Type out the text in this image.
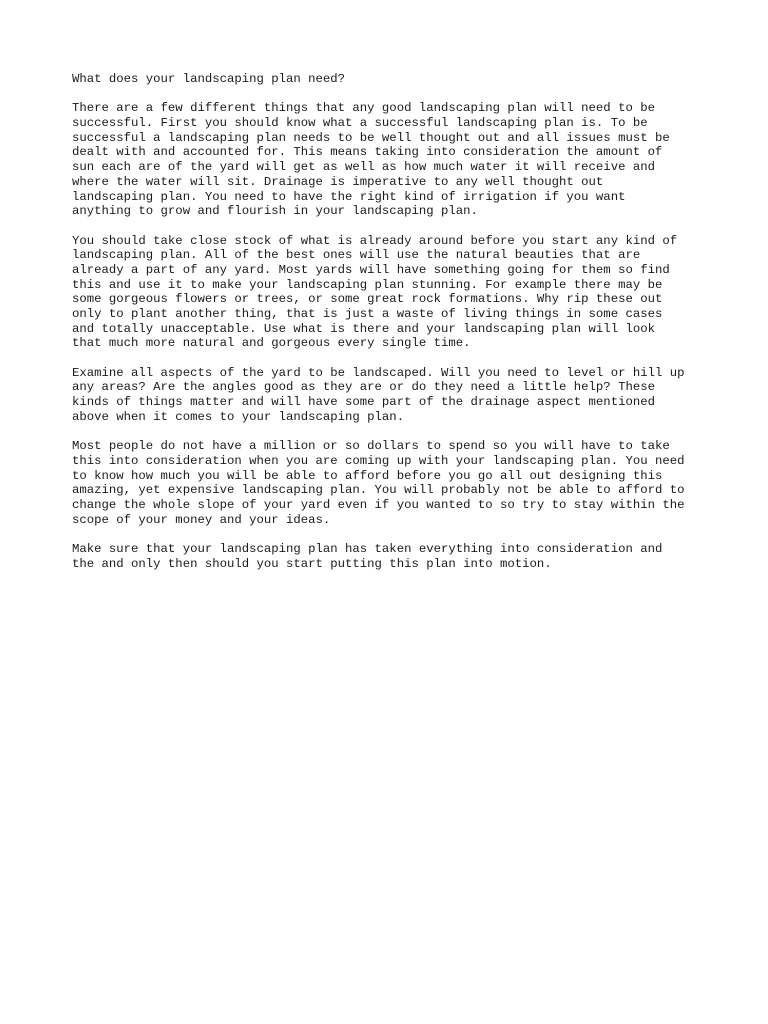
What does your landscaping plan need?
There are a few different things that any good landscaping plan will need to be
successful. First you should know what a successful landscaping plan is. To be
successful a landscaping plan needs to be well thought out and all issues must be
dealt with and accounted for. This means taking into consideration the amount of
sun each are of the yard will get as well as how much water it will receive and
where the water will sit. Drainage is imperative to any well thought out
landscaping plan. You need to have the right kind of irrigation if you want
anything to grow and flourish in your landscaping plan.
You should take close stock of what is already around before you start any kind of
landscaping plan. All of the best ones will use the natural beauties that are
already a part of any yard. Most yards will have something going for them so find
this and use it to make your landscaping plan stunning. For example there may be
some gorgeous flowers or trees, or some great rock formations. Why rip these out
only to plant another thing, that is just a waste of living things in some cases
and totally unacceptable. Use what is there and your landscaping plan will look
that much more natural and gorgeous every single time.
Examine all aspects of the yard to be landscaped. Will you need to level or hill up
any areas? Are the angles good as they are or do they need a little help? These
kinds of things matter and will have some part of the drainage aspect mentioned
above when it comes to your landscaping plan.
Most people do not have a million or so dollars to spend so you will have to take
this into consideration when you are coming up with your landscaping plan. You need
to know how much you will be able to afford before you go all out designing this
amazing, yet expensive landscaping plan. You will probably not be able to afford to
change the whole slope of your yard even if you wanted to so try to stay within the
scope of your money and your ideas.
Make sure that your landscaping plan has taken everything into consideration and
the and only then should you start putting this plan into motion.
